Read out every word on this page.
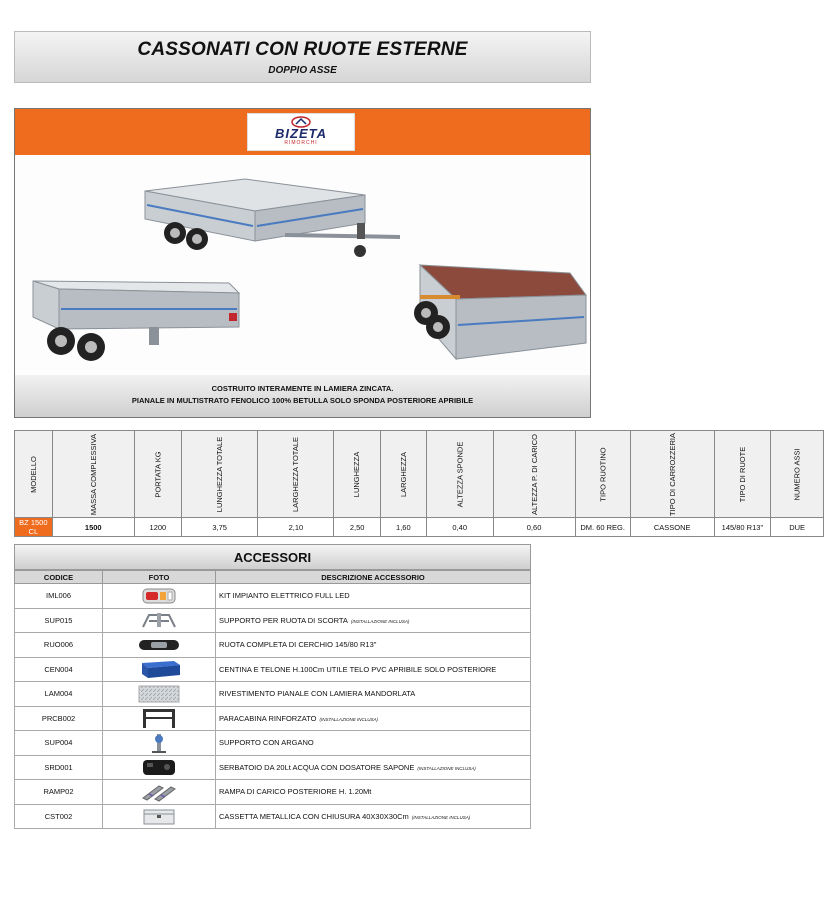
CASSONATI CON RUOTE ESTERNE
DOPPIO ASSE
BIZETA
RIMORCHI
COSTRUITO INTERAMENTE IN LAMIERA ZINCATA.
PIANALE IN MULTISTRATO FENOLICO 100% BETULLA SOLO SPONDA POSTERIORE APRIBILE
MODELLO	MASSA COMPLESSIVA	PORTATA KG	LUNGHEZZA TOTALE	LARGHEZZA TOTALE	LUNGHEZZA	LARGHEZZA	ALTEZZA SPONDE	ALTEZZA P. DI CARICO	TIPO RUOTINO	TIPO DI CARROZZERIA	TIPO DI RUOTE	NUMERO ASSI
BZ 1500 CL	1500	1200	3,75	2,10	2,50	1,60	0,40	0,60	DM. 60 REG.	CASSONE	145/80 R13"	DUE
ACCESSORI
CODICE	FOTO	DESCRIZIONE ACCESSORIO
IML006		KIT IMPIANTO ELETTRICO FULL LED
SUP015		SUPPORTO PER RUOTA DI SCORTA (INSTALLAZIONE INCLUSA)
RUO006		RUOTA COMPLETA DI CERCHIO 145/80 R13"
CEN004		CENTINA E TELONE H.100Cm UTILE TELO PVC APRIBILE SOLO POSTERIORE
LAM004		RIVESTIMENTO PIANALE CON LAMIERA MANDORLATA
PRCB002		PARACABINA RINFORZATO (INSTALLAZIONE INCLUSA)
SUP004		SUPPORTO CON ARGANO
SRD001		SERBATOIO DA 20Lt ACQUA CON DOSATORE SAPONE (INSTALLAZIONE INCLUSA)
RAMP02		RAMPA DI CARICO POSTERIORE H. 1.20Mt
CST002		CASSETTA METALLICA CON CHIUSURA 40X30X30Cm (INSTALLAZIONE INCLUSA)
